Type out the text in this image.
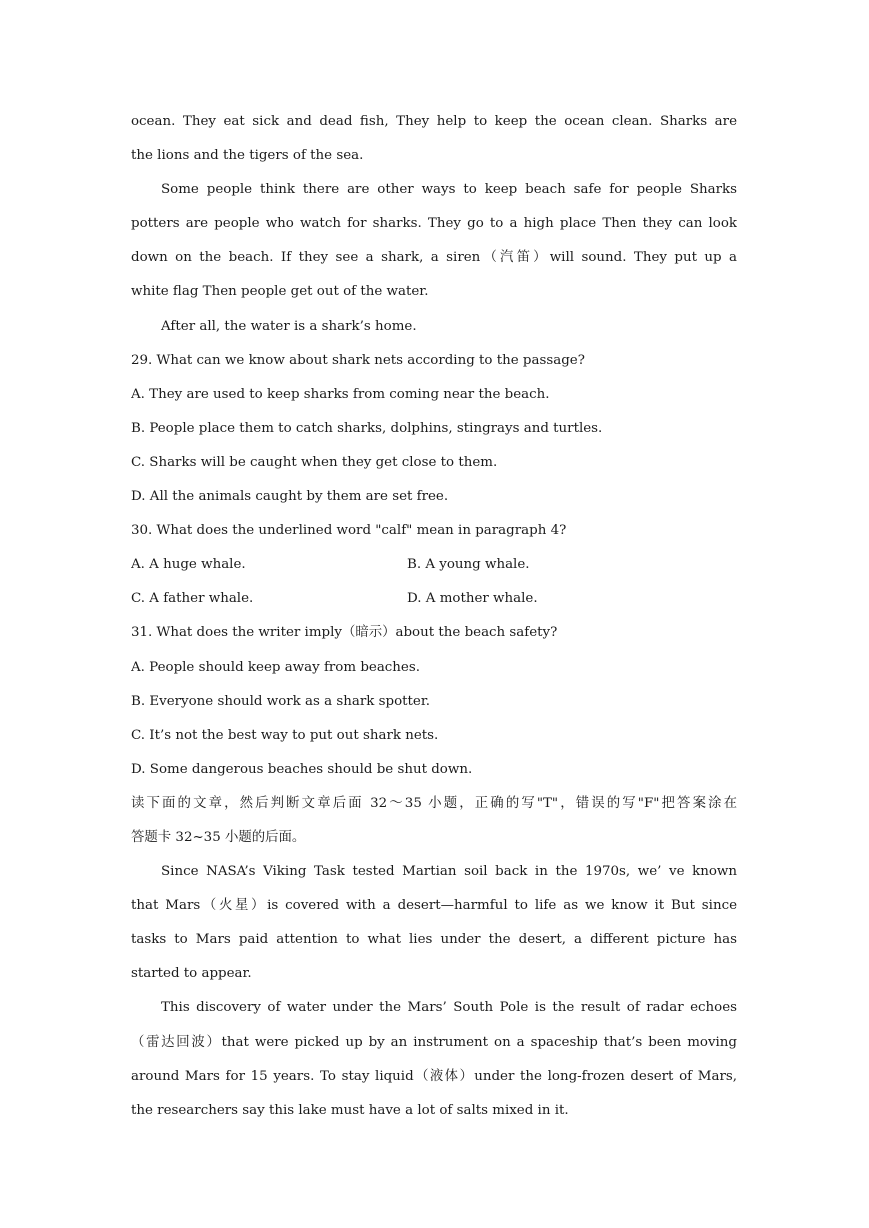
ocean. They eat sick and dead fish, They help to keep the ocean clean. Sharks are
the lions and the tigers of the sea.
Some people think there are other ways to keep beach safe for people Sharks
potters are people who watch for sharks. They go to a high place Then they can look
down on the beach. If they see a shark, a siren（汽笛）will sound. They put up a
white flag Then people get out of the water.
After all, the water is a shark’s home.
29. What can we know about shark nets according to the passage?
A. They are used to keep sharks from coming near the beach.
B. People place them to catch sharks, dolphins, stingrays and turtles.
C. Sharks will be caught when they get close to them.
D. All the animals caught by them are set free.
30. What does the underlined word "calf" mean in paragraph 4?
A. A huge whale.	B. A young whale.
C. A father whale.	D. A mother whale.
31. What does the writer imply（暗示）about the beach safety?
A. People should keep away from beaches.
B. Everyone should work as a shark spotter.
C. It’s not the best way to put out shark nets.
D. Some dangerous beaches should be shut down.
读下面的文章，然后判断文章后面 32～35 小题，正确的写"T"，错误的写"F"把答案涂在
答题卡 32~35 小题的后面。
Since NASA’s Viking Task tested Martian soil back in the 1970s, we’ ve known
that Mars（火星）is covered with a desert—harmful to life as we know it But since
tasks to Mars paid attention to what lies under the desert, a different picture has
started to appear.
This discovery of water under the Mars’ South Pole is the result of radar echoes
（雷达回波）that were picked up by an instrument on a spaceship that’s been moving
around Mars for 15 years. To stay liquid（液体）under the long-frozen desert of Mars,
the researchers say this lake must have a lot of salts mixed in it.
